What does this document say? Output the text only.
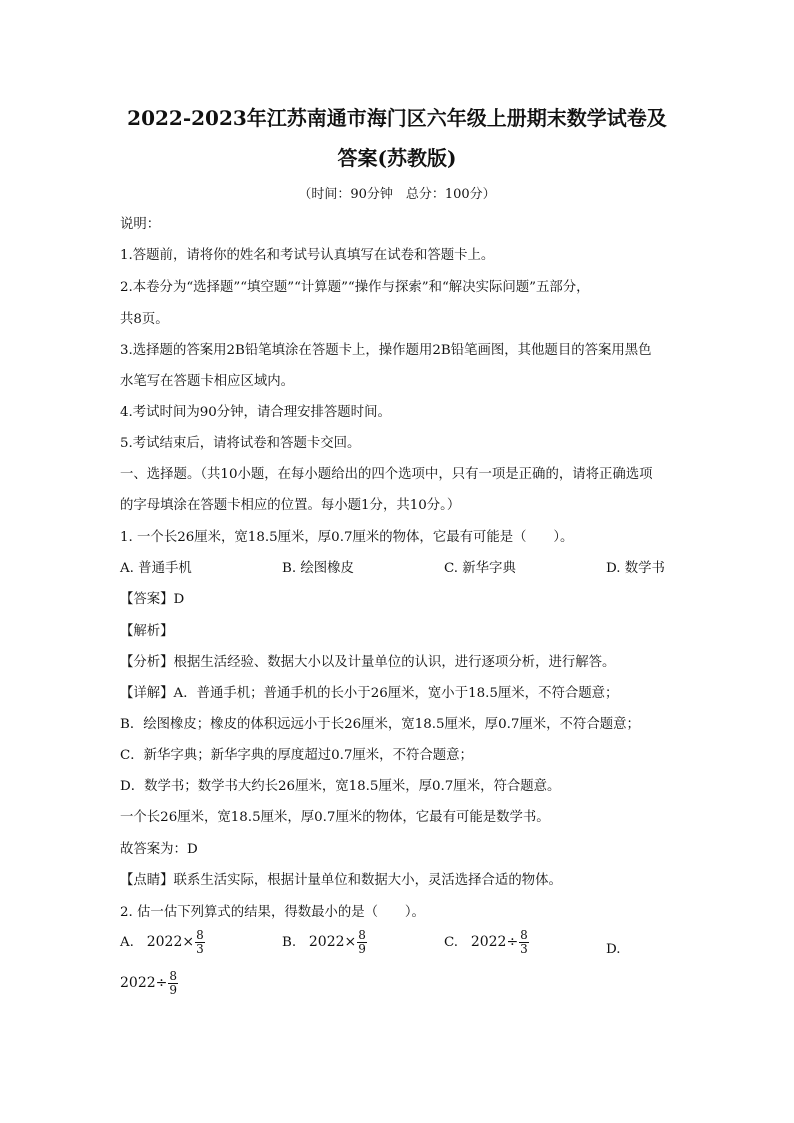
2022-2023年江苏南通市海门区六年级上册期末数学试卷及
答案(苏教版)
（时间：90分钟　总分：100分）
说明：
1.答题前，请将你的姓名和考试号认真填写在试卷和答题卡上。
2.本卷分为“选择题”“填空题”“计算题”“操作与探索”和“解决实际问题”五部分，
共8页。
3.选择题的答案用2B铅笔填涂在答题卡上，操作题用2B铅笔画图，其他题目的答案用黑色
水笔写在答题卡相应区域内。
4.考试时间为90分钟，请合理安排答题时间。
5.考试结束后，请将试卷和答题卡交回。
一、选择题。（共10小题，在每小题给出的四个选项中，只有一项是正确的，请将正确选项
的字母填涂在答题卡相应的位置。每小题1分，共10分。）
1. 一个长26厘米，宽18.5厘米，厚0.7厘米的物体，它最有可能是（　　）。
A. 普通手机	B. 绘图橡皮	C. 新华字典	D. 数学书
【答案】D
【解析】
【分析】根据生活经验、数据大小以及计量单位的认识，进行逐项分析，进行解答。
【详解】A．普通手机；普通手机的长小于26厘米，宽小于18.5厘米，不符合题意；
B．绘图橡皮；橡皮的体积远远小于长26厘米，宽18.5厘米，厚0.7厘米，不符合题意；
C．新华字典；新华字典的厚度超过0.7厘米，不符合题意；
D．数学书；数学书大约长26厘米，宽18.5厘米，厚0.7厘米，符合题意。
一个长26厘米，宽18.5厘米，厚0.7厘米的物体，它最有可能是数学书。
故答案为：D
【点睛】联系生活实际，根据计量单位和数据大小，灵活选择合适的物体。
2. 估一估下列算式的结果，得数最小的是（　　）。
A. $2022\times \frac{8}{3}$	B. $2022\times \frac{8}{9}$	C. $2022\div \frac{8}{3}$	D.
$2022\div \frac{8}{9}$
